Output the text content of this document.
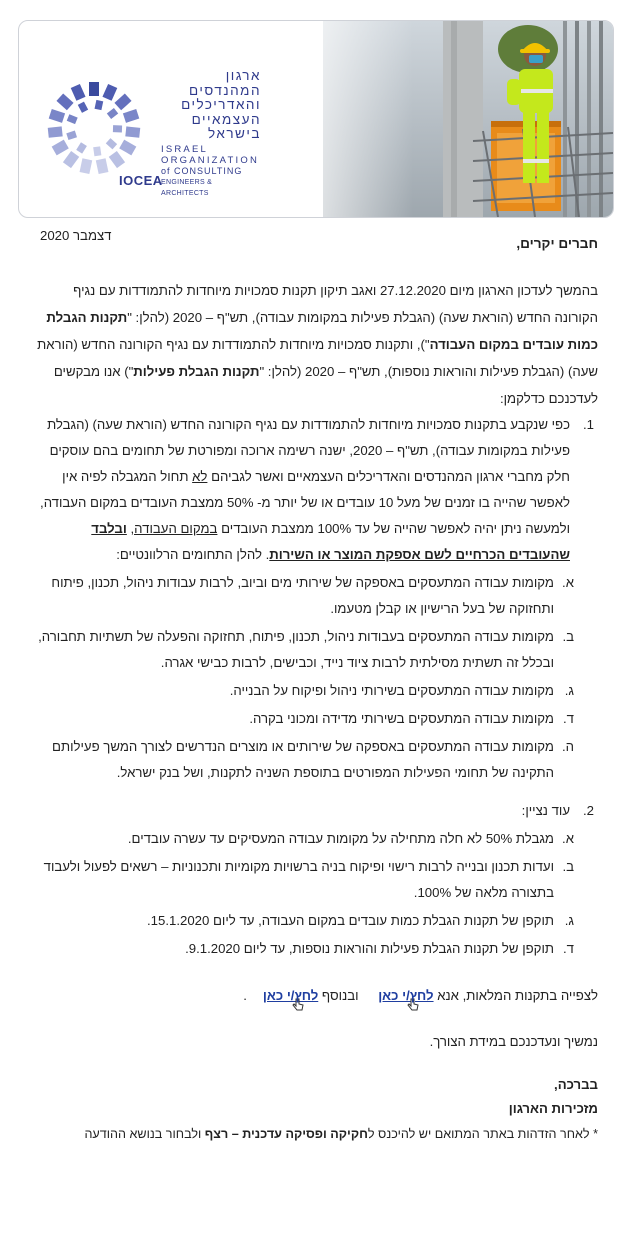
ארגון המהנדסים
והאדריכלים
העצמאיים
בישראל
ISRAEL
ORGANIZATION
of CONSULTING
ENGINEERS & ARCHITECTS
IOCEA
דצמבר 2020
חברים יקרים,
בהמשך לעדכון הארגון מיום 27.12.2020 ואגב תיקון תקנות סמכויות מיוחדות להתמודדות עם נגיף הקורונה החדש (הוראת שעה) (הגבלת פעילות במקומות עבודה), תש"ף – 2020 (להלן: "תקנות הגבלת כמות עובדים במקום העבודה"), ותקנות סמכויות מיוחדות להתמודדות עם נגיף הקורונה החדש (הוראת שעה) (הגבלת פעילות והוראות נוספות), תש"ף – 2020 (להלן: "תקנות הגבלת פעילות") אנו מבקשים לעדכנכם כדלקמן:
1.
כפי שנקבע בתקנות סמכויות מיוחדות להתמודדות עם נגיף הקורונה החדש (הוראת שעה) (הגבלת פעילות במקומות עבודה), תש"ף – 2020, ישנה רשימה ארוכה ומפורטת של תחומים בהם עוסקים חלק מחברי ארגון המהנדסים והאדריכלים העצמאיים ואשר לגביהם לא תחול המגבלה לפיה אין לאפשר שהייה בו זמנים של מעל 10 עובדים או של יותר מ- 50% ממצבת העובדים במקום העבודה, ולמעשה ניתן יהיה לאפשר שהייה של עד 100% ממצבת העובדים במקום העבודה, ובלבד שהעובדים הכרחיים לשם אספקת המוצר או השירות. להלן התחומים הרלוונטיים:
א.
מקומות עבודה המתעסקים באספקה של שירותי מים וביוב, לרבות עבודות ניהול, תכנון, פיתוח ותחזוקה של בעל הרישיון או קבלן מטעמו.
ב.
מקומות עבודה המתעסקים בעבודות ניהול, תכנון, פיתוח, תחזוקה והפעלה של תשתיות תחבורה, ובכלל זה תשתית מסילתית לרבות ציוד נייד, וכבישים, לרבות כבישי אגרה.
ג.
מקומות עבודה המתעסקים בשירותי ניהול ופיקוח על הבנייה.
ד.
מקומות עבודה המתעסקים בשירותי מדידה ומכוני בקרה.
ה.
מקומות עבודה המתעסקים באספקה של שירותים או מוצרים הנדרשים לצורך המשך פעילותם התקינה של תחומי הפעילות המפורטים בתוספת השניה לתקנות, ושל בנק ישראל.
2.
עוד נציין:
א.
מגבלת 50% לא חלה מתחילה על מקומות עבודה המעסיקים עד עשרה עובדים.
ב.
ועדות תכנון ובנייה לרבות רישוי ופיקוח בניה ברשויות מקומיות ותכנוניות – רשאים לפעול ולעבוד בתצורה מלאה של 100%.
ג.
תוקפן של תקנות הגבלת כמות עובדים במקום העבודה, עד ליום 15.1.2020.
ד.
תוקפן של תקנות הגבלת פעילות והוראות נוספות, עד ליום 9.1.2020.
לצפייה בתקנות המלאות, אנא לחץ/י כאן ובנוסף לחץ/י כאן.
נמשיך ונעדכנכם במידת הצורך.
בברכה,
מזכירות הארגון
* לאחר הזדהות באתר המתואם יש להיכנס לחקיקה ופסיקה עדכנית – רצף ולבחור בנושא ההודעה
